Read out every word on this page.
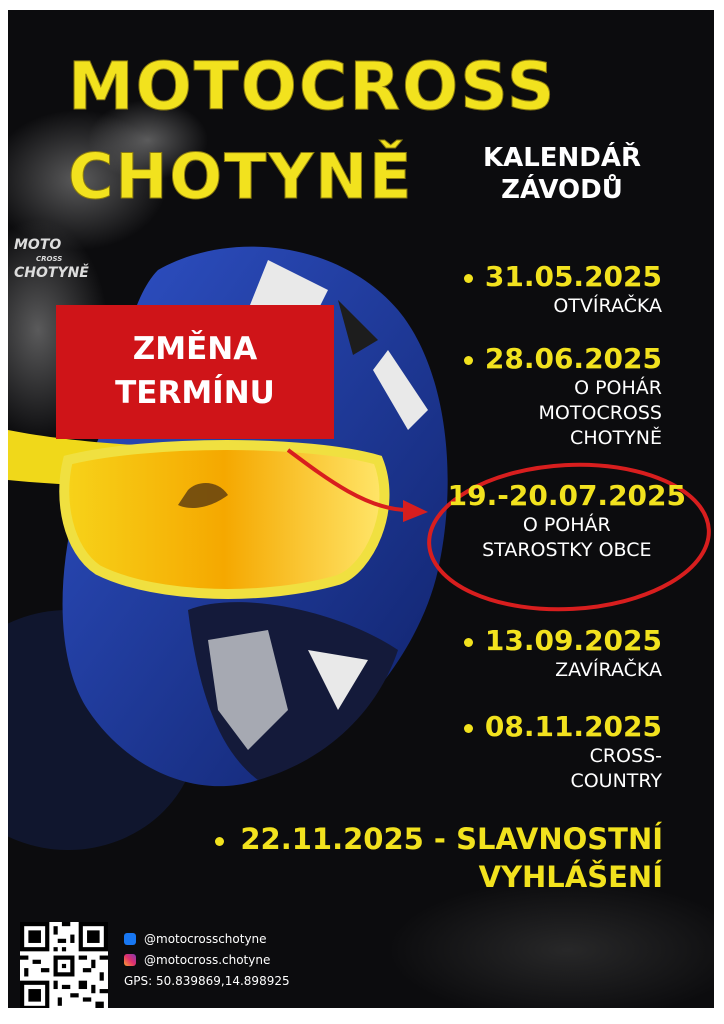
MOTOCROSS
CHOTYNĚ	KALENDÁŘ
ZÁVODŮ
MOTO
CROSS
CHOTYNĚ
ZMĚNA
TERMÍNU
31.05.2025
OTVÍRAČKA
28.06.2025
O POHÁR
MOTOCROSS
CHOTYNĚ
19.-20.07.2025
O POHÁR
STAROSTKY OBCE
13.09.2025
ZAVÍRAČKA
08.11.2025
CROSS-
COUNTRY
22.11.2025 - SLAVNOSTNÍ
VYHLÁŠENÍ
@motocrosschotyne
@motocross.chotyne
GPS: 50.839869,14.898925
